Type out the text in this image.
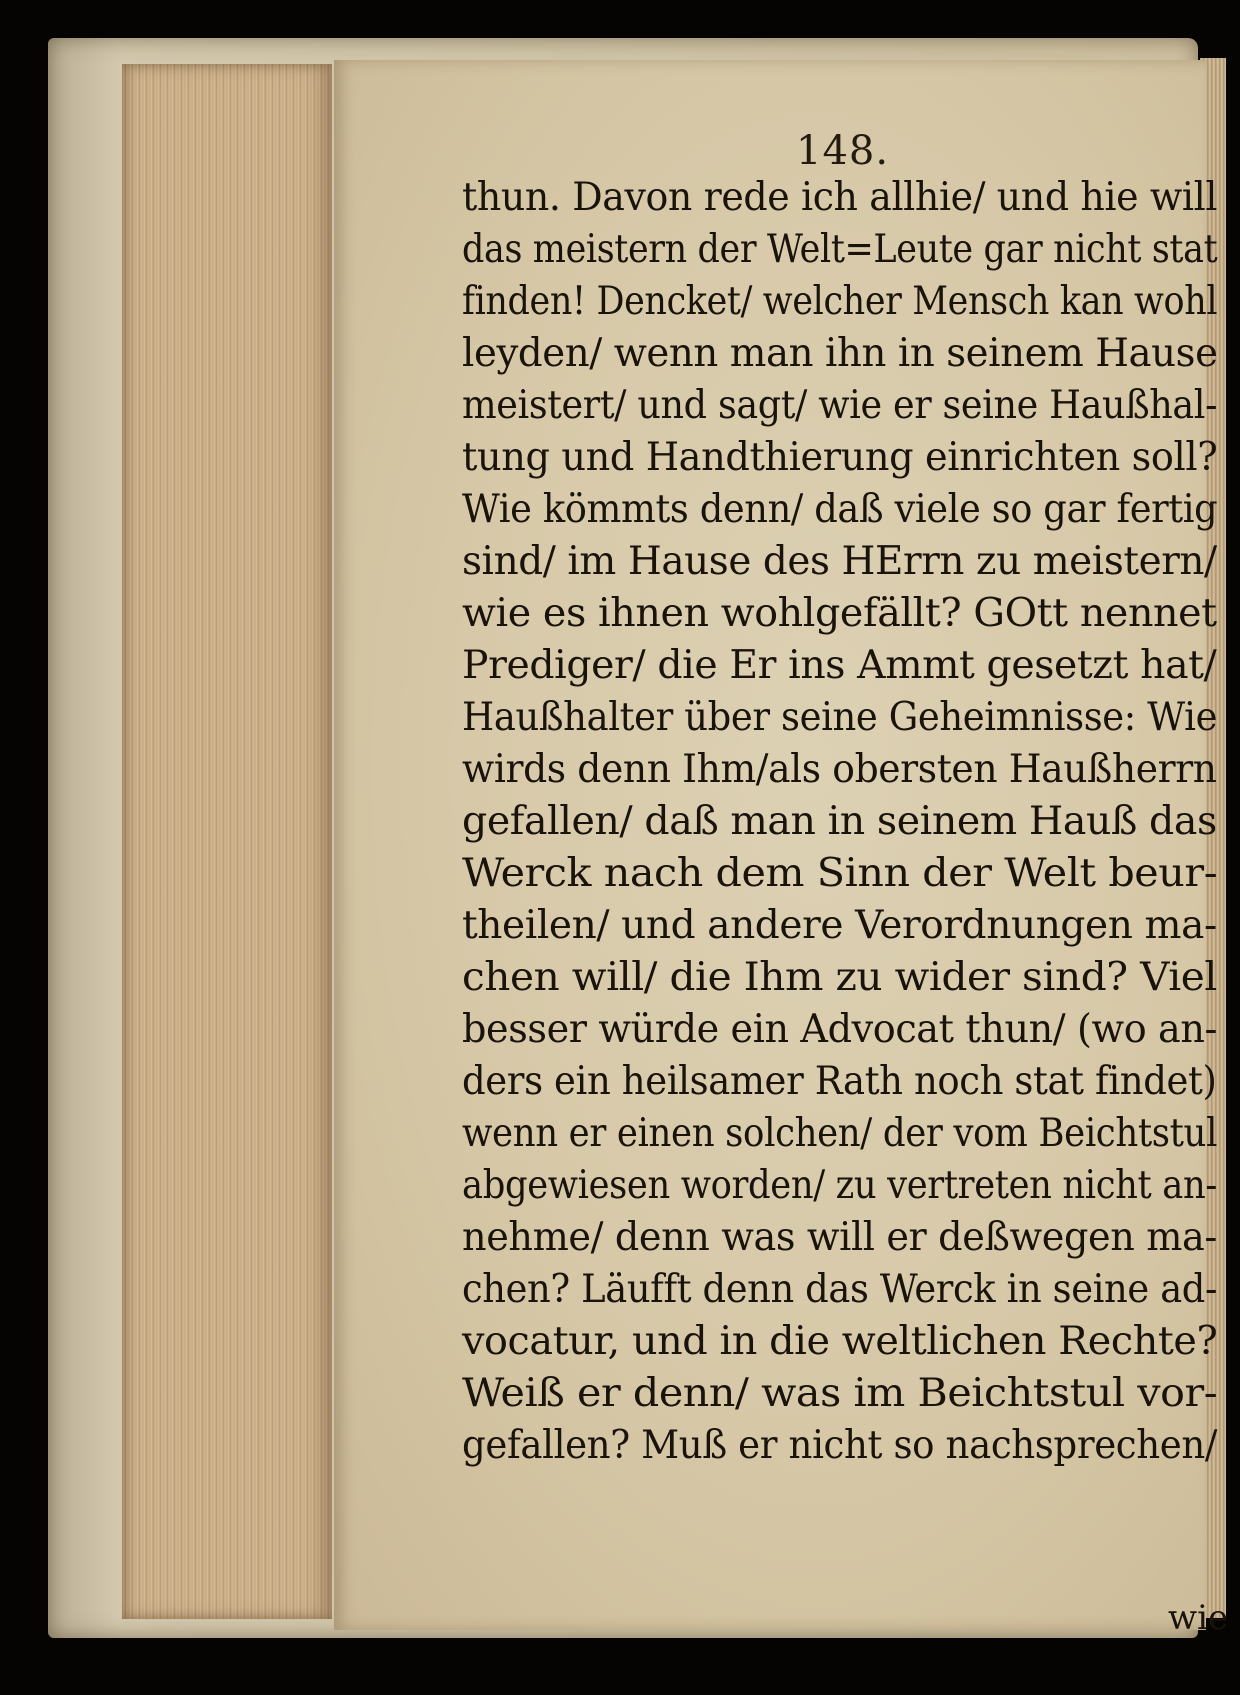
148.
thun. Davon rede ich allhie/ und hie will
das meistern der Welt=Leute gar nicht stat
finden! Dencket/ welcher Mensch kan wohl
leyden/ wenn man ihn in seinem Hause
meistert/ und sagt/ wie er seine Haußhal-
tung und Handthierung einrichten soll?
Wie kömmts denn/ daß viele so gar fertig
sind/ im Hause des HErrn zu meistern/
wie es ihnen wohlgefällt? GOtt nennet
Prediger/ die Er ins Ammt gesetzt hat/
Haußhalter über seine Geheimnisse: Wie
wirds denn Ihm/als obersten Haußherrn
gefallen/ daß man in seinem Hauß das
Werck nach dem Sinn der Welt beur-
theilen/ und andere Verordnungen ma-
chen will/ die Ihm zu wider sind? Viel
besser würde ein Advocat thun/ (wo an-
ders ein heilsamer Rath noch stat findet)
wenn er einen solchen/ der vom Beichtstul
abgewiesen worden/ zu vertreten nicht an-
nehme/ denn was will er deßwegen ma-
chen? Läufft denn das Werck in seine ad-
vocatur, und in die weltlichen Rechte?
Weiß er denn/ was im Beichtstul vor-
gefallen? Muß er nicht so nachsprechen/
wie
